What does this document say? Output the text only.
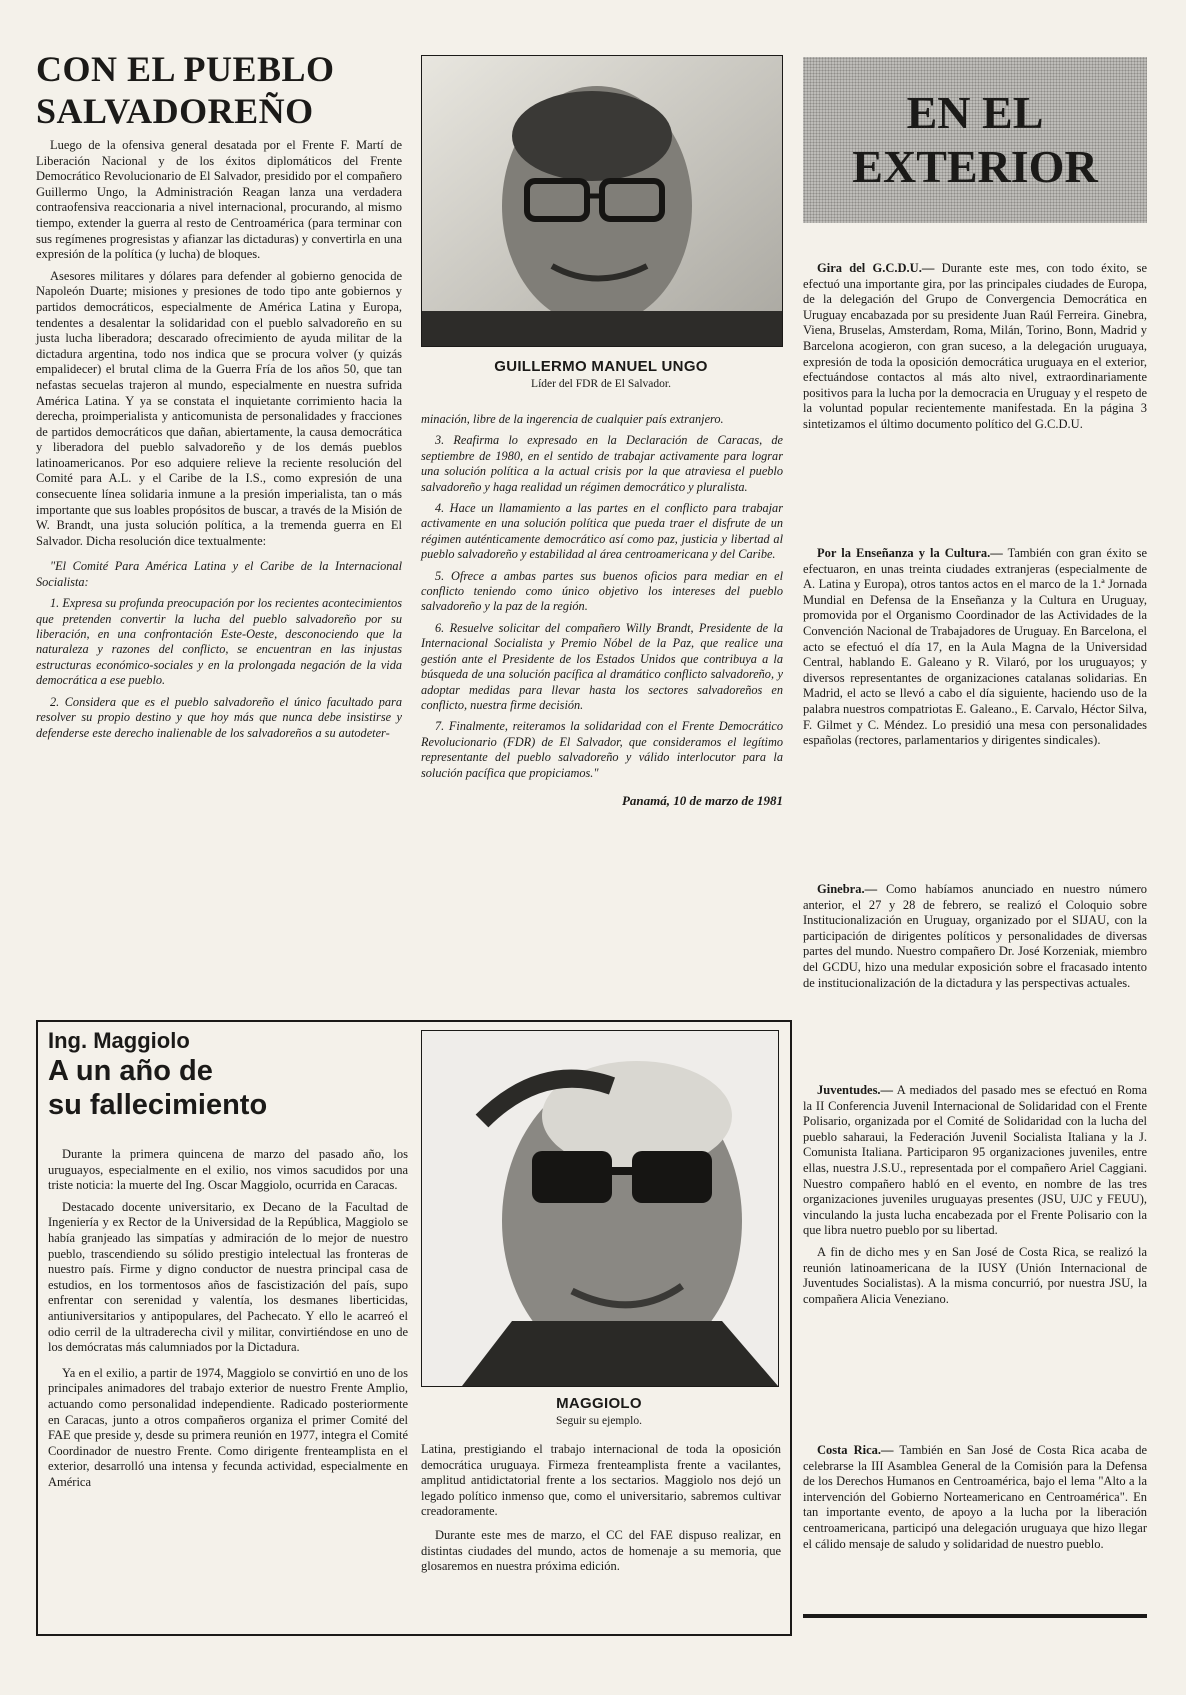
CON EL PUEBLO
SALVADOREÑO

Luego de la ofensiva general desatada por el Frente F. Martí de Liberación Nacional y de los éxitos diplomáticos del Frente Democrático Revolucionario de El Salvador, presidido por el compañero Guillermo Ungo, la Administración Reagan lanza una verdadera contraofensiva reaccionaria a nivel internacional, procurando, al mismo tiempo, extender la guerra al resto de Centroamérica (para terminar con sus regímenes progresistas y afianzar las dictaduras) y convertirla en una expresión de la política (y lucha) de bloques.

Asesores militares y dólares para defender al gobierno genocida de Napoleón Duarte; misiones y presiones de todo tipo ante gobiernos y partidos democráticos, especialmente de América Latina y Europa, tendentes a desalentar la solidaridad con el pueblo salvadoreño en su justa lucha liberadora; descarado ofrecimiento de ayuda militar de la dictadura argentina, todo nos indica que se procura volver (y quizás empalidecer) el brutal clima de la Guerra Fría de los años 50, que tan nefastas secuelas trajeron al mundo, especialmente en nuestra sufrida América Latina. Y ya se constata el inquietante corrimiento hacia la derecha, proimperialista y anticomunista de personalidades y fracciones de partidos democráticos que dañan, abiertamente, la causa democrática y liberadora del pueblo salvadoreño y de los demás pueblos latinoamericanos. Por eso adquiere relieve la reciente resolución del Comité para A.L. y el Caribe de la I.S., como expresión de una consecuente línea solidaria inmune a la presión imperialista, tan o más importante que sus loables propósitos de buscar, a través de la Misión de W. Brandt, una justa solución política, a la tremenda guerra en El Salvador. Dicha resolución dice textualmente:

"El Comité Para América Latina y el Caribe de la Internacional Socialista:

1. Expresa su profunda preocupación por los recientes acontecimientos que pretenden convertir la lucha del pueblo salvadoreño por su liberación, en una confrontación Este-Oeste, desconociendo que la naturaleza y razones del conflicto, se encuentran en las injustas estructuras económico-sociales y en la prolongada negación de la vida democrática a ese pueblo.

2. Considera que es el pueblo salvadoreño el único facultado para resolver su propio destino y que hoy más que nunca debe insistirse y defenderse este derecho inalienable de los salvadoreños a su autodeter-

GUILLERMO MANUEL UNGO
Líder del FDR de El Salvador.

minación, libre de la ingerencia de cualquier país extranjero.

3. Reafirma lo expresado en la Declaración de Caracas, de septiembre de 1980, en el sentido de trabajar activamente para lograr una solución política a la actual crisis por la que atraviesa el pueblo salvadoreño y haga realidad un régimen democrático y pluralista.

4. Hace un llamamiento a las partes en el conflicto para trabajar activamente en una solución política que pueda traer el disfrute de un régimen auténticamente democrático así como paz, justicia y libertad al pueblo salvadoreño y estabilidad al área centroamericana y del Caribe.

5. Ofrece a ambas partes sus buenos oficios para mediar en el conflicto teniendo como único objetivo los intereses del pueblo salvadoreño y la paz de la región.

6. Resuelve solicitar del compañero Willy Brandt, Presidente de la Internacional Socialista y Premio Nóbel de la Paz, que realice una gestión ante el Presidente de los Estados Unidos que contribuya a la búsqueda de una solución pacífica al dramático conflicto salvadoreño, y adoptar medidas para llevar hasta los sectores salvadoreños en conflicto, nuestra firme decisión.

7. Finalmente, reiteramos la solidaridad con el Frente Democrático Revolucionario (FDR) de El Salvador, que consideramos el legítimo representante del pueblo salvadoreño y válido interlocutor para la solución pacífica que propiciamos."

Panamá, 10 de marzo de 1981

Ing. Maggiolo
A un año de
su fallecimiento

Durante la primera quincena de marzo del pasado año, los uruguayos, especialmente en el exilio, nos vimos sacudidos por una triste noticia: la muerte del Ing. Oscar Maggiolo, ocurrida en Caracas.

Destacado docente universitario, ex Decano de la Facultad de Ingeniería y ex Rector de la Universidad de la República, Maggiolo se había granjeado las simpatías y admiración de lo mejor de nuestro pueblo, trascendiendo su sólido prestigio intelectual las fronteras de nuestro país. Firme y digno conductor de nuestra principal casa de estudios, en los tormentosos años de fascistización del país, supo enfrentar con serenidad y valentía, los desmanes liberticidas, antiuniversitarios y antipopulares, del Pachecato. Y ello le acarreó el odio cerril de la ultraderecha civil y militar, convirtiéndose en uno de los demócratas más calumniados por la Dictadura.

Ya en el exilio, a partir de 1974, Maggiolo se convirtió en uno de los principales animadores del trabajo exterior de nuestro Frente Amplio, actuando como personalidad independiente. Radicado posteriormente en Caracas, junto a otros compañeros organiza el primer Comité del FAE que preside y, desde su primera reunión en 1977, integra el Comité Coordinador de nuestro Frente. Como dirigente frenteamplista en el exterior, desarrolló una intensa y fecunda actividad, especialmente en América

MAGGIOLO
Seguir su ejemplo.

Latina, prestigiando el trabajo internacional de toda la oposición democrática uruguaya. Firmeza frenteamplista frente a vacilantes, amplitud antidictatorial frente a los sectarios. Maggiolo nos dejó un legado político inmenso que, como el universitario, sabremos cultivar creadoramente.

Durante este mes de marzo, el CC del FAE dispuso realizar, en distintas ciudades del mundo, actos de homenaje a su memoria, que glosaremos en nuestra próxima edición.

EN EL
EXTERIOR

Gira del G.C.D.U.— Durante este mes, con todo éxito, se efectuó una importante gira, por las principales ciudades de Europa, de la delegación del Grupo de Convergencia Democrática en Uruguay encabazada por su presidente Juan Raúl Ferreira. Ginebra, Viena, Bruselas, Amsterdam, Roma, Milán, Torino, Bonn, Madrid y Barcelona acogieron, con gran suceso, a la delegación uruguaya, expresión de toda la oposición democrática uruguaya en el exterior, efectuándose contactos al más alto nivel, extraordinariamente positivos para la lucha por la democracia en Uruguay y el respeto de la voluntad popular recientemente manifestada. En la página 3 sintetizamos el último documento político del G.C.D.U.

Por la Enseñanza y la Cultura.— También con gran éxito se efectuaron, en unas treinta ciudades extranjeras (especialmente de A. Latina y Europa), otros tantos actos en el marco de la 1.ª Jornada Mundial en Defensa de la Enseñanza y la Cultura en Uruguay, promovida por el Organismo Coordinador de las Actividades de la Convención Nacional de Trabajadores de Uruguay. En Barcelona, el acto se efectuó el día 17, en la Aula Magna de la Universidad Central, hablando E. Galeano y R. Vilaró, por los uruguayos; y diversos representantes de organizaciones catalanas solidarias. En Madrid, el acto se llevó a cabo el día siguiente, haciendo uso de la palabra nuestros compatriotas E. Galeano., E. Carvalo, Héctor Silva, F. Gilmet y C. Méndez. Lo presidió una mesa con personalidades españolas (rectores, parlamentarios y dirigentes sindicales).

Ginebra.— Como habíamos anunciado en nuestro número anterior, el 27 y 28 de febrero, se realizó el Coloquio sobre Institucionalización en Uruguay, organizado por el SIJAU, con la participación de dirigentes políticos y personalidades de diversas partes del mundo. Nuestro compañero Dr. José Korzeniak, miembro del GCDU, hizo una medular exposición sobre el fracasado intento de institucionalización de la dictadura y las perspectivas actuales.

Juventudes.— A mediados del pasado mes se efectuó en Roma la II Conferencia Juvenil Internacional de Solidaridad con el Frente Polisario, organizada por el Comité de Solidaridad con la lucha del pueblo saharaui, la Federación Juvenil Socialista Italiana y la J. Comunista Italiana. Participaron 95 organizaciones juveniles, entre ellas, nuestra J.S.U., representada por el compañero Ariel Caggiani. Nuestro compañero habló en el evento, en nombre de las tres organizaciones juveniles uruguayas presentes (JSU, UJC y FEUU), vinculando la justa lucha encabezada por el Frente Polisario con la que libra nuetro pueblo por su libertad.

A fin de dicho mes y en San José de Costa Rica, se realizó la reunión latinoamericana de la IUSY (Unión Internacional de Juventudes Socialistas). A la misma concurrió, por nuestra JSU, la compañera Alicia Veneziano.

Costa Rica.— También en San José de Costa Rica acaba de celebrarse la III Asamblea General de la Comisión para la Defensa de los Derechos Humanos en Centroamérica, bajo el lema "Alto a la intervención del Gobierno Norteamericano en Centroamérica". En tan importante evento, de apoyo a la lucha por la liberación centroamericana, participó una delegación uruguaya que hizo llegar el cálido mensaje de saludo y solidaridad de nuestro pueblo.
